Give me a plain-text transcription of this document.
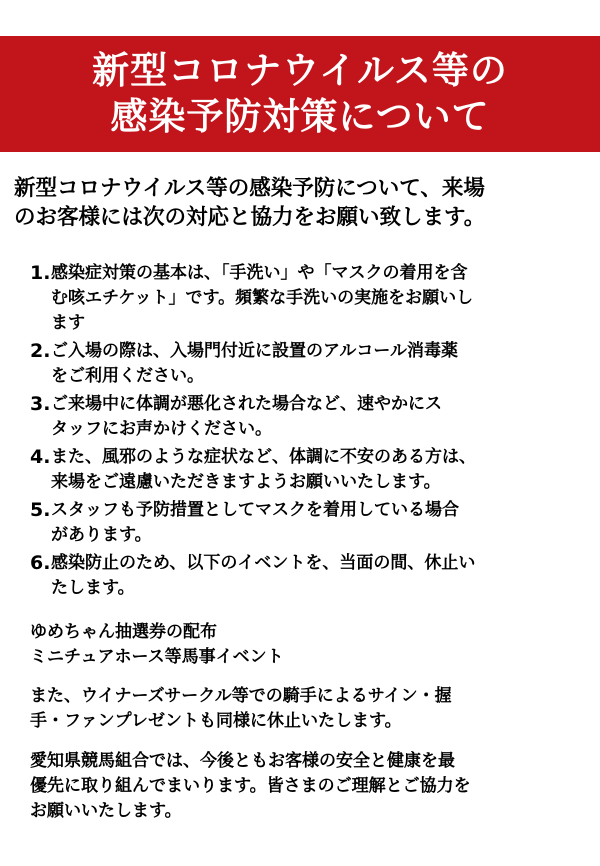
新型コロナウイルス等の
感染予防対策について
新型コロナウイルス等の感染予防について、来場
のお客様には次の対応と協力をお願い致します。
1. 感染症対策の基本は、「手洗い」や「マスクの着用を含
む咳エチケット」です。頻繁な手洗いの実施をお願いし
ます
2. ご入場の際は、入場門付近に設置のアルコール消毒薬
をご利用ください。
3. ご来場中に体調が悪化された場合など、速やかにス
タッフにお声かけください。
4. また、風邪のような症状など、体調に不安のある方は、
来場をご遠慮いただきますようお願いいたします。
5. スタッフも予防措置としてマスクを着用している場合
があります。
6. 感染防止のため、以下のイベントを、当面の間、休止い
たします。
ゆめちゃん抽選券の配布
ミニチュアホース等馬事イベント
また、ウイナーズサークル等での騎手によるサイン・握
手・ファンプレゼントも同様に休止いたします。
愛知県競馬組合では、今後ともお客様の安全と健康を最
優先に取り組んでまいります。皆さまのご理解とご協力を
お願いいたします。
